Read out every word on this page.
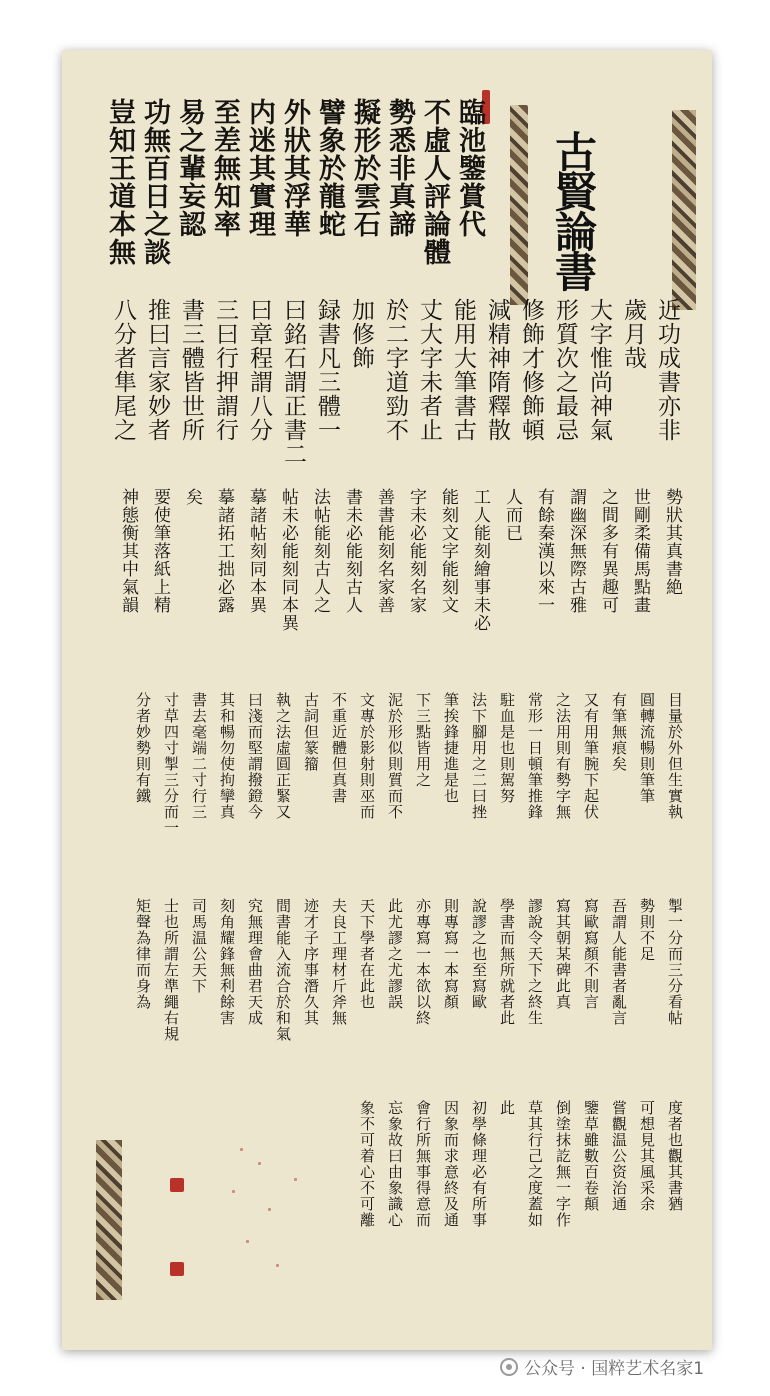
古賢論書
臨池鑒賞代
不虛人評論體
勢悉非真諦
擬形於雲石
譬象於龍蛇
外狀其浮華
内迷其實理
至差無知率
易之輩妄認
功無百日之談
豈知王道本無
近功成書亦非
歲月哉
大字惟尚神氣
形質次之最忌
修飾才修飾頓
減精神隋釋散
能用大筆書古
丈大字未者止
於二字道勁不
加修飾
録書凡三體一
曰銘石謂正書二
曰章程謂八分
三曰行押謂行
書三體皆世所
推曰言家妙者
八分者隼尾之
勢狀其真書絶
世剛柔備馬點畫
之間多有異趣可
謂幽深無際古雅
有餘秦漢以來一
人而已
工人能刻繪事未必
能刻文字能刻文
字未必能刻名家
善書能刻名家善
書未必能刻古人
法帖能刻古人之
帖未必能刻同本異
摹諸帖刻同本異
摹諸拓工拙必露
矣
要使筆落紙上精
神態衡其中氣韻
目量於外但生實執
圓轉流暢則筆筆
有筆無痕矣
又有用筆腕下起伏
之法用則有勢字無
常形一日頓筆推鋒
駐血是也則駕努
法下腳用之二曰挫
筆挨鋒捷進是也
下三點皆用之
泥於形似則質而不
文專於影射則巫而
不重近體但真書
古詞但篆籀
執之法虛圓正緊又
曰淺而堅謂撥鐙今
其和暢勿使拘攣真
書去毫端二寸行三
寸草四寸掣三分而一
分者妙勢則有鐵
掣一分而三分看帖
勢則不足
吾謂人能書者亂言
寫歐寫顏不則言
寫其朝某碑此真
謬說令天下之終生
學書而無所就者此
說謬之也至寫歐
則專寫一本寫顏
亦專寫一本欲以終
此尤謬之尤謬誤
天下學者在此也
夫良工理材斤斧無
迹才子序事潛久其
間書能入流合於和氣
究無理會曲君天成
刻角耀鋒無利餘害
司馬温公天下
士也所謂左準繩右規
矩聲為律而身為
度者也觀其書猶
可想見其風采余
嘗觀温公资治通
鑒草雖數百卷顛
倒塗抹訖無一字作
草其行己之度蓋如
此
初學條理必有所事
因象而求意終及通
會行所無事得意而
忘象故曰由象識心
象不可着心不可離
公众号 · 国粹艺术名家1
